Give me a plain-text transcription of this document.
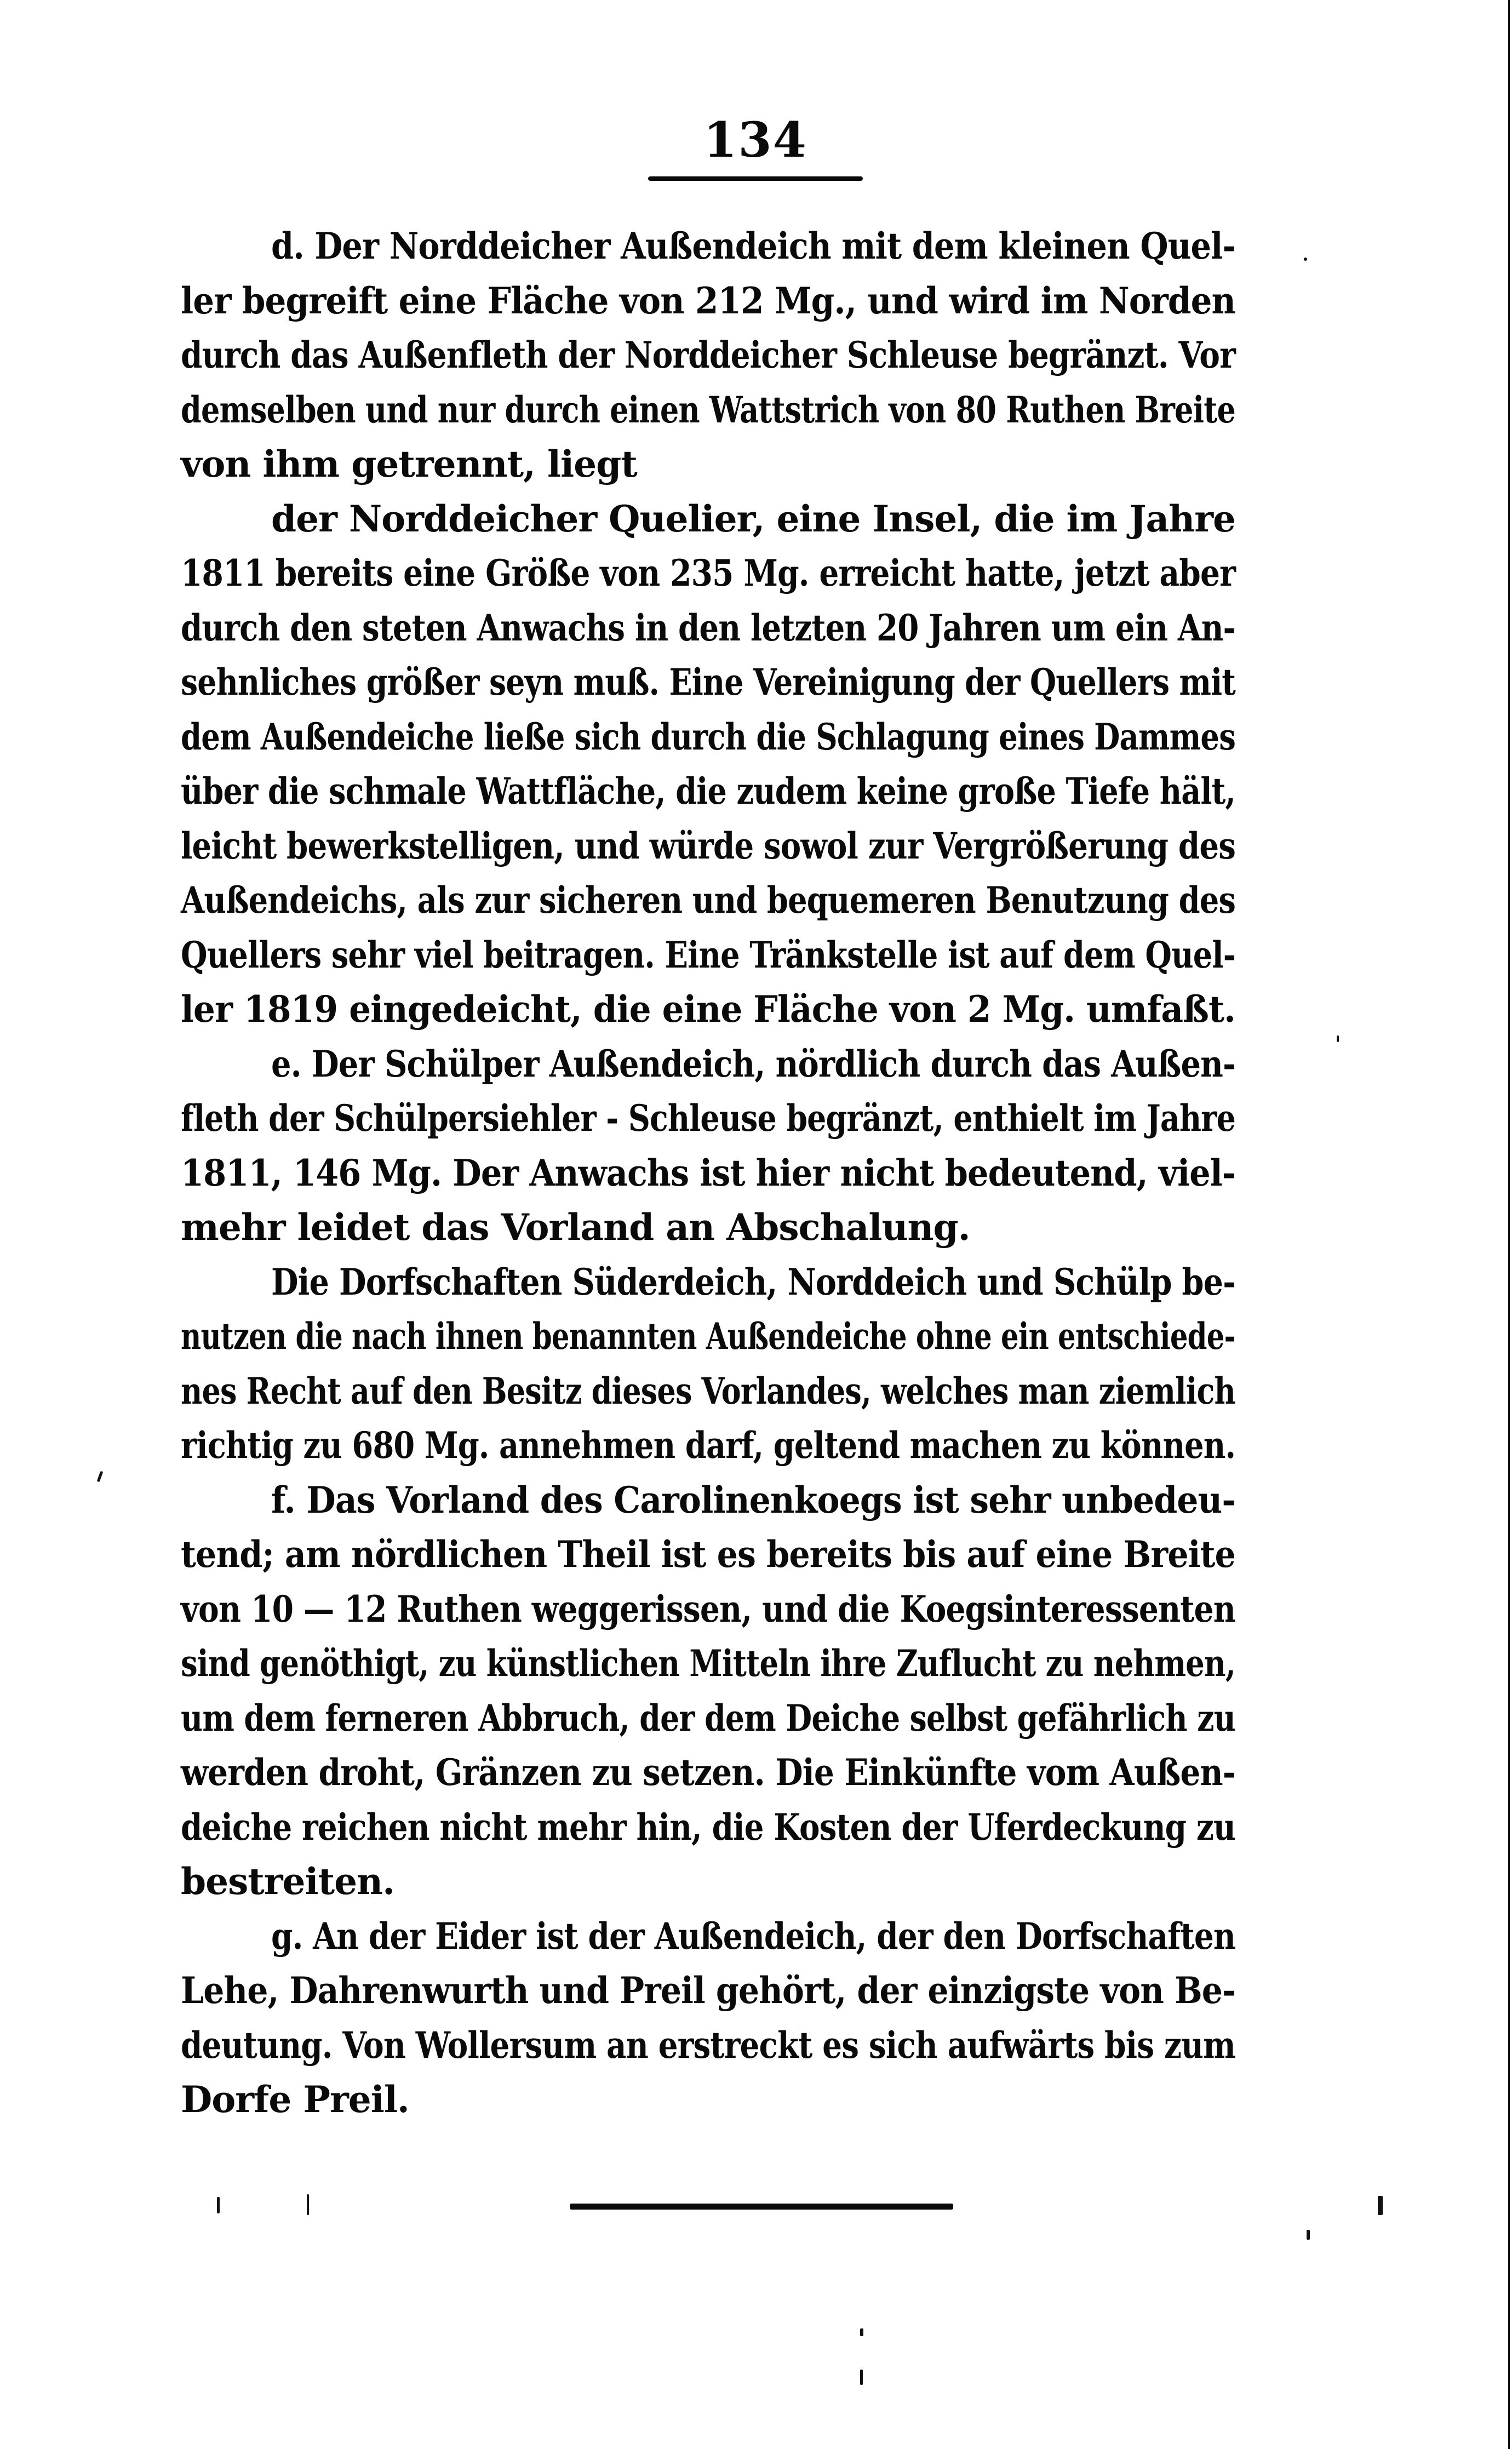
134
d. Der Norddeicher Außendeich mit dem kleinen Quel-
ler begreift eine Fläche von 212 Mg., und wird im Norden
durch das Außenfleth der Norddeicher Schleuse begränzt. Vor
demselben und nur durch einen Wattstrich von 80 Ruthen Breite
von ihm getrennt, liegt
der Norddeicher Quelier, eine Insel, die im Jahre
1811 bereits eine Größe von 235 Mg. erreicht hatte, jetzt aber
durch den steten Anwachs in den letzten 20 Jahren um ein An-
sehnliches größer seyn muß. Eine Vereinigung der Quellers mit
dem Außendeiche ließe sich durch die Schlagung eines Dammes
über die schmale Wattfläche, die zudem keine große Tiefe hält,
leicht bewerkstelligen, und würde sowol zur Vergrößerung des
Außendeichs, als zur sicheren und bequemeren Benutzung des
Quellers sehr viel beitragen. Eine Tränkstelle ist auf dem Quel-
ler 1819 eingedeicht, die eine Fläche von 2 Mg. umfaßt.
e. Der Schülper Außendeich, nördlich durch das Außen-
fleth der Schülpersiehler - Schleuse begränzt, enthielt im Jahre
1811, 146 Mg. Der Anwachs ist hier nicht bedeutend, viel-
mehr leidet das Vorland an Abschalung.
Die Dorfschaften Süderdeich, Norddeich und Schülp be-
nutzen die nach ihnen benannten Außendeiche ohne ein entschiede-
nes Recht auf den Besitz dieses Vorlandes, welches man ziemlich
richtig zu 680 Mg. annehmen darf, geltend machen zu können.
f. Das Vorland des Carolinenkoegs ist sehr unbedeu-
tend; am nördlichen Theil ist es bereits bis auf eine Breite
von 10 — 12 Ruthen weggerissen, und die Koegsinteressenten
sind genöthigt, zu künstlichen Mitteln ihre Zuflucht zu nehmen,
um dem ferneren Abbruch, der dem Deiche selbst gefährlich zu
werden droht, Gränzen zu setzen. Die Einkünfte vom Außen-
deiche reichen nicht mehr hin, die Kosten der Uferdeckung zu
bestreiten.
g. An der Eider ist der Außendeich, der den Dorfschaften
Lehe, Dahrenwurth und Preil gehört, der einzigste von Be-
deutung. Von Wollersum an erstreckt es sich aufwärts bis zum
Dorfe Preil.
